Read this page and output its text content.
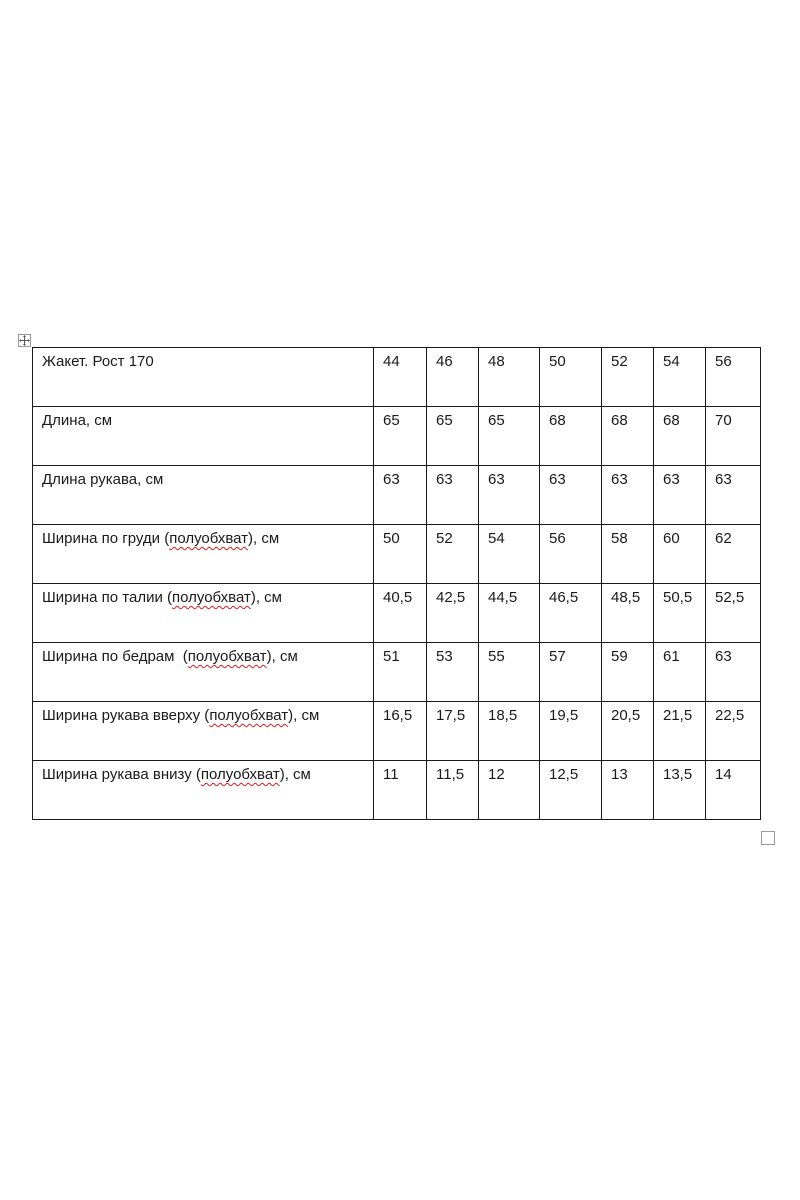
Жакет. Рост 170	44	46	48	50	52	54	56
Длина, см	65	65	65	68	68	68	70
Длина рукава, см	63	63	63	63	63	63	63
Ширина по груди (полуобхват), см	50	52	54	56	58	60	62
Ширина по талии (полуобхват), см	40,5	42,5	44,5	46,5	48,5	50,5	52,5
Ширина по бедрам  (полуобхват), см	51	53	55	57	59	61	63
Ширина рукава вверху (полуобхват), см	16,5	17,5	18,5	19,5	20,5	21,5	22,5
Ширина рукава внизу (полуобхват), см	11	11,5	12	12,5	13	13,5	14
